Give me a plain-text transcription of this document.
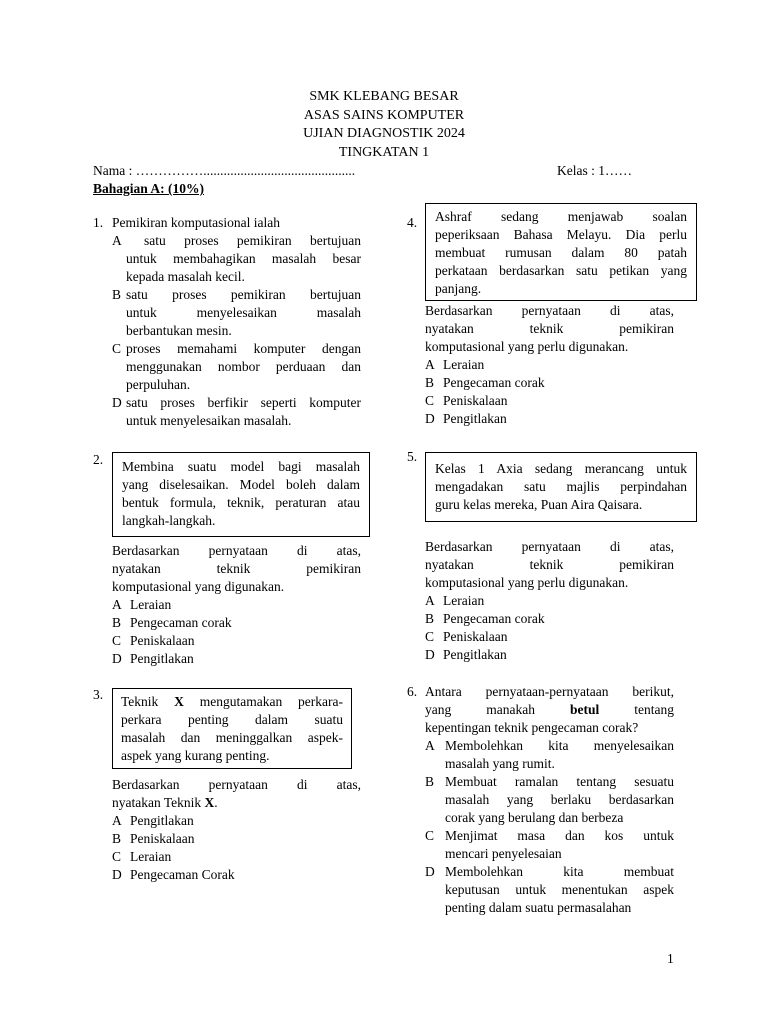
SMK KLEBANG BESAR
ASAS SAINS KOMPUTER
UJIAN DIAGNOSTIK 2024
TINGKATAN 1
Nama : …………….............................................	Kelas : 1……
Bahagian A: (10%)
1. Pemikiran komputasional ialah
A satu proses pemikiran bertujuan
untuk membahagikan masalah besar
kepada masalah kecil.
B satu proses pemikiran bertujuan
untuk menyelesaikan masalah
berbantukan mesin.
C proses memahami komputer dengan
menggunakan nombor perduaan dan
perpuluhan.
D satu proses berfikir seperti komputer
untuk menyelesaikan masalah.
2. Membina suatu model bagi masalah
yang diselesaikan. Model boleh dalam
bentuk formula, teknik, peraturan atau
langkah-langkah.
Berdasarkan pernyataan di atas,
nyatakan teknik pemikiran
komputasional yang digunakan.
A Leraian
B Pengecaman corak
C Peniskalaan
D Pengitlakan
3. Teknik X mengutamakan perkara-
perkara penting dalam suatu
masalah dan meninggalkan aspek-
aspek yang kurang penting.
Berdasarkan pernyataan di atas,
nyatakan Teknik X.
A Pengitlakan
B Peniskalaan
C Leraian
D Pengecaman Corak
4. Ashraf sedang menjawab soalan
peperiksaan Bahasa Melayu. Dia perlu
membuat rumusan dalam 80 patah
perkataan berdasarkan satu petikan yang
panjang.
Berdasarkan pernyataan di atas,
nyatakan teknik pemikiran
komputasional yang perlu digunakan.
A Leraian
B Pengecaman corak
C Peniskalaan
D Pengitlakan
5.
Kelas 1 Axia sedang merancang untuk
mengadakan satu majlis perpindahan
guru kelas mereka, Puan Aira Qaisara.
Berdasarkan pernyataan di atas,
nyatakan teknik pemikiran
komputasional yang perlu digunakan.
A Leraian
B Pengecaman corak
C Peniskalaan
D Pengitlakan
6. Antara pernyataan-pernyataan berikut,
yang manakah betul tentang
kepentingan teknik pengecaman corak?
A Membolehkan kita menyelesaikan
masalah yang rumit.
B Membuat ramalan tentang sesuatu
masalah yang berlaku berdasarkan
corak yang berulang dan berbeza
C Menjimat masa dan kos untuk
mencari penyelesaian
D Membolehkan kita membuat
keputusan untuk menentukan aspek
penting dalam suatu permasalahan
1
